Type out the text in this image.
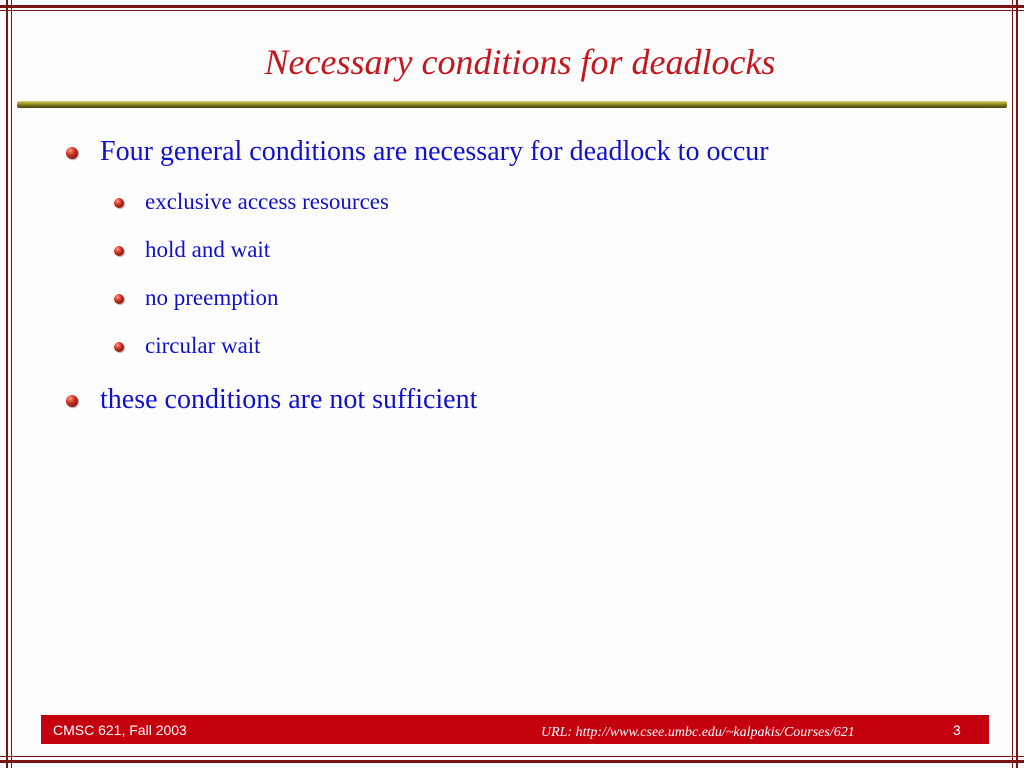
Necessary conditions for deadlocks
Four general conditions are necessary for deadlock to occur
exclusive access resources
hold and wait
no preemption
circular wait
these conditions are not sufficient
CMSC 621, Fall 2003	URL: http://www.csee.umbc.edu/~kalpakis/Courses/621	3
